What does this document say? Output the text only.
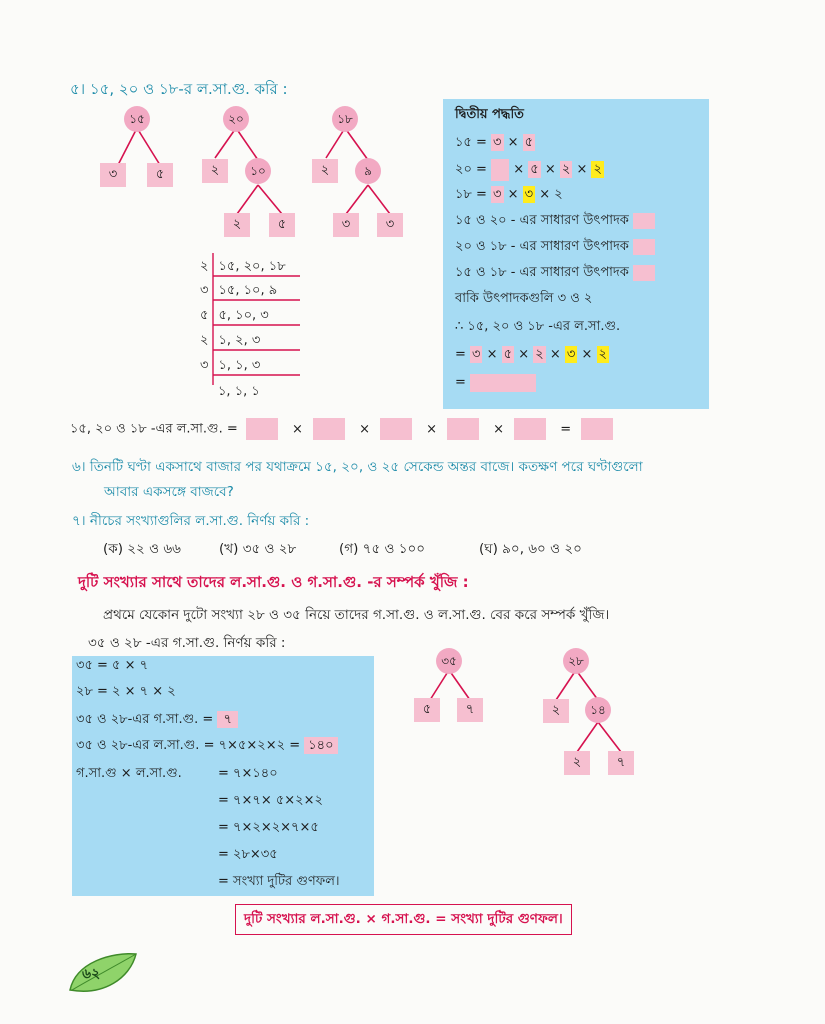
৫। ১৫, ২০ ও ১৮-র ল.সা.গু. করি :
১৫
৩	৫
২০
২	১০
২	৫
১৮
২	৯
৩	৩
২ ১৫, ২০, ১৮
৩ ১৫, ১০, ৯
৫ ৫, ১০, ৩
২ ১, ২, ৩
৩ ১, ১, ৩
১, ১, ১
দ্বিতীয় পদ্ধতি
১৫ = ৩ × ৫
২০ =   × ৫ × ২ × ২
১৮ = ৩ × ৩ × ২
১৫ ও ২০ - এর সাধারণ উৎপাদক
২০ ও ১৮ - এর সাধারণ উৎপাদক
১৫ ও ১৮ - এর সাধারণ উৎপাদক
বাকি উৎপাদকগুলি ৩ ও ২
∴ ১৫, ২০ ও ১৮ -এর ল.সা.গু.
= ৩ × ৫ × ২ × ৩ × ২
=
১৫, ২০ ও ১৮ -এর ল.সা.গু. =	×	×	×	×	=
৬। তিনটি ঘণ্টা একসাথে বাজার পর যথাক্রমে ১৫, ২০, ও ২৫ সেকেন্ড অন্তর বাজে। কতক্ষণ পরে ঘণ্টাগুলো
আবার একসঙ্গে বাজবে?
৭। নীচের সংখ্যাগুলির ল.সা.গু. নির্ণয় করি :
(ক) ২২ ও ৬৬	(খ) ৩৫ ও ২৮	(গ) ৭৫ ও ১০০	(ঘ) ৯০, ৬০ ও ২০
দুটি সংখ্যার সাথে তাদের ল.সা.গু. ও গ.সা.গু. -র সম্পর্ক খুঁজি :
প্রথমে যেকোন দুটো সংখ্যা ২৮ ও ৩৫ নিয়ে তাদের গ.সা.গু. ও ল.সা.গু. বের করে সম্পর্ক খুঁজি।
৩৫ ও ২৮ -এর গ.সা.গু. নির্ণয় করি :
৩৫ = ৫ × ৭
২৮ = ২ × ৭ × ২
৩৫ ও ২৮-এর গ.সা.গু. = ৭
৩৫ ও ২৮-এর ল.সা.গু. = ৭×৫×২×২ = ১৪০
গ.সা.গু × ল.সা.গু.	= ৭×১৪০
= ৭×৭× ৫×২×২
= ৭×২×২×৭×৫
= ২৮×৩৫
= সংখ্যা দুটির গুণফল।
৩৫
৫	৭
২৮
২	১৪
২	৭
দুটি সংখ্যার ল.সা.গু. × গ.সা.গু. = সংখ্যা দুটির গুণফল।
৬২
